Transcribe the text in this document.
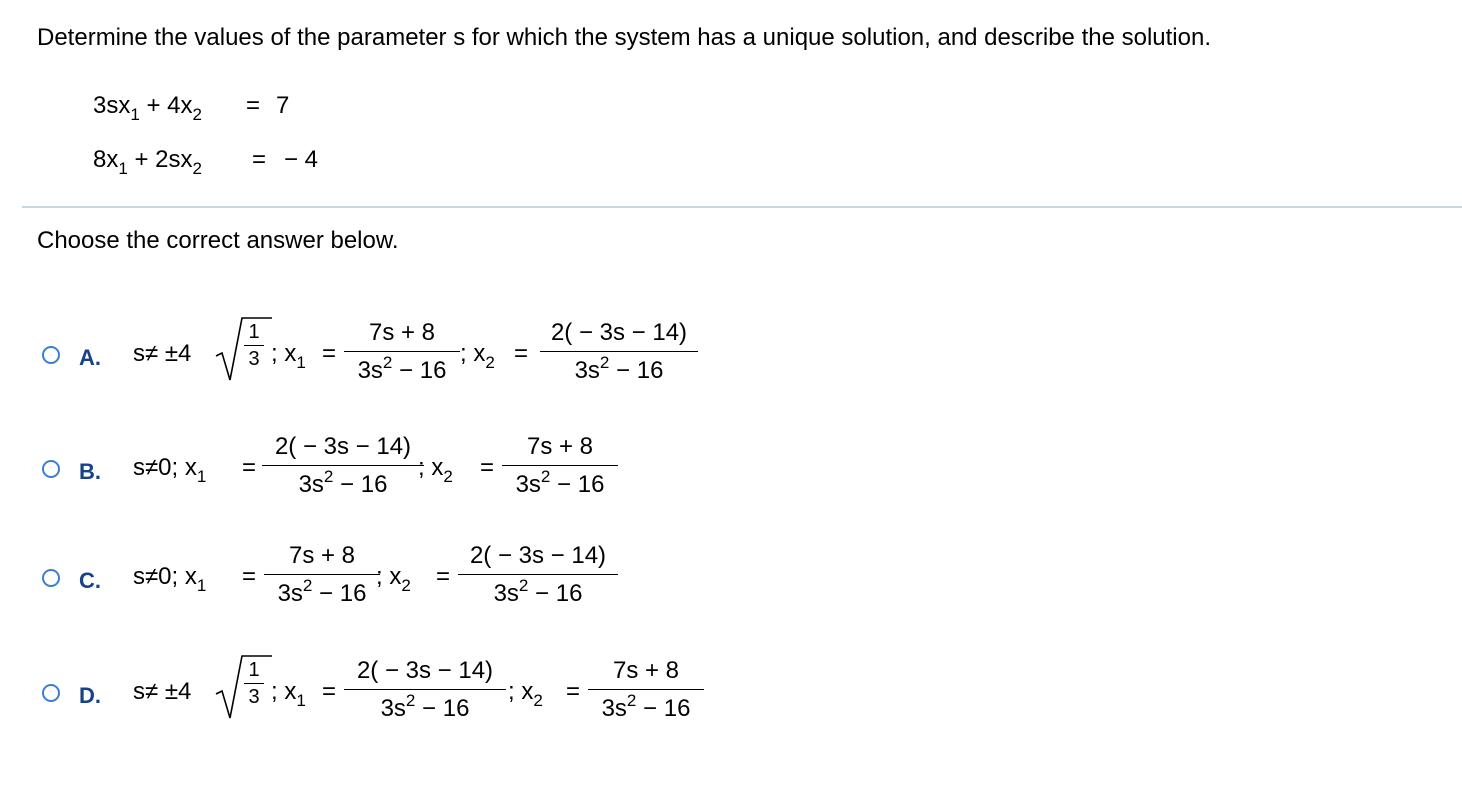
Determine the values of the parameter s for which the system has a unique solution, and describe the solution.
$3sx_1 + 4x_2 = 7$
$8x_1 + 2sx_2$ = − 4
Choose the correct answer below.
A. s≠ ±4
1
3 ; $x_1$ =
7s + 8
$3s^2 - 16$
; $x_2$ =
2( − 3s − 14)
$3s^2 - 16$
B. s≠0; $x_1$ =
2( − 3s − 14)
$3s^2 - 16$
; $x_2$ =
7s + 8
$3s^2 - 16$
C. s≠0; $x_1$ =
7s + 8
$3s^2 - 16$
; $x_2$ =
2( − 3s − 14)
$3s^2 - 16$
D. s≠ ±4
1
3 ; $x_1$ =
2( − 3s − 14)
$3s^2 - 16$
; $x_2$ =
7s + 8
$3s^2 - 16$
